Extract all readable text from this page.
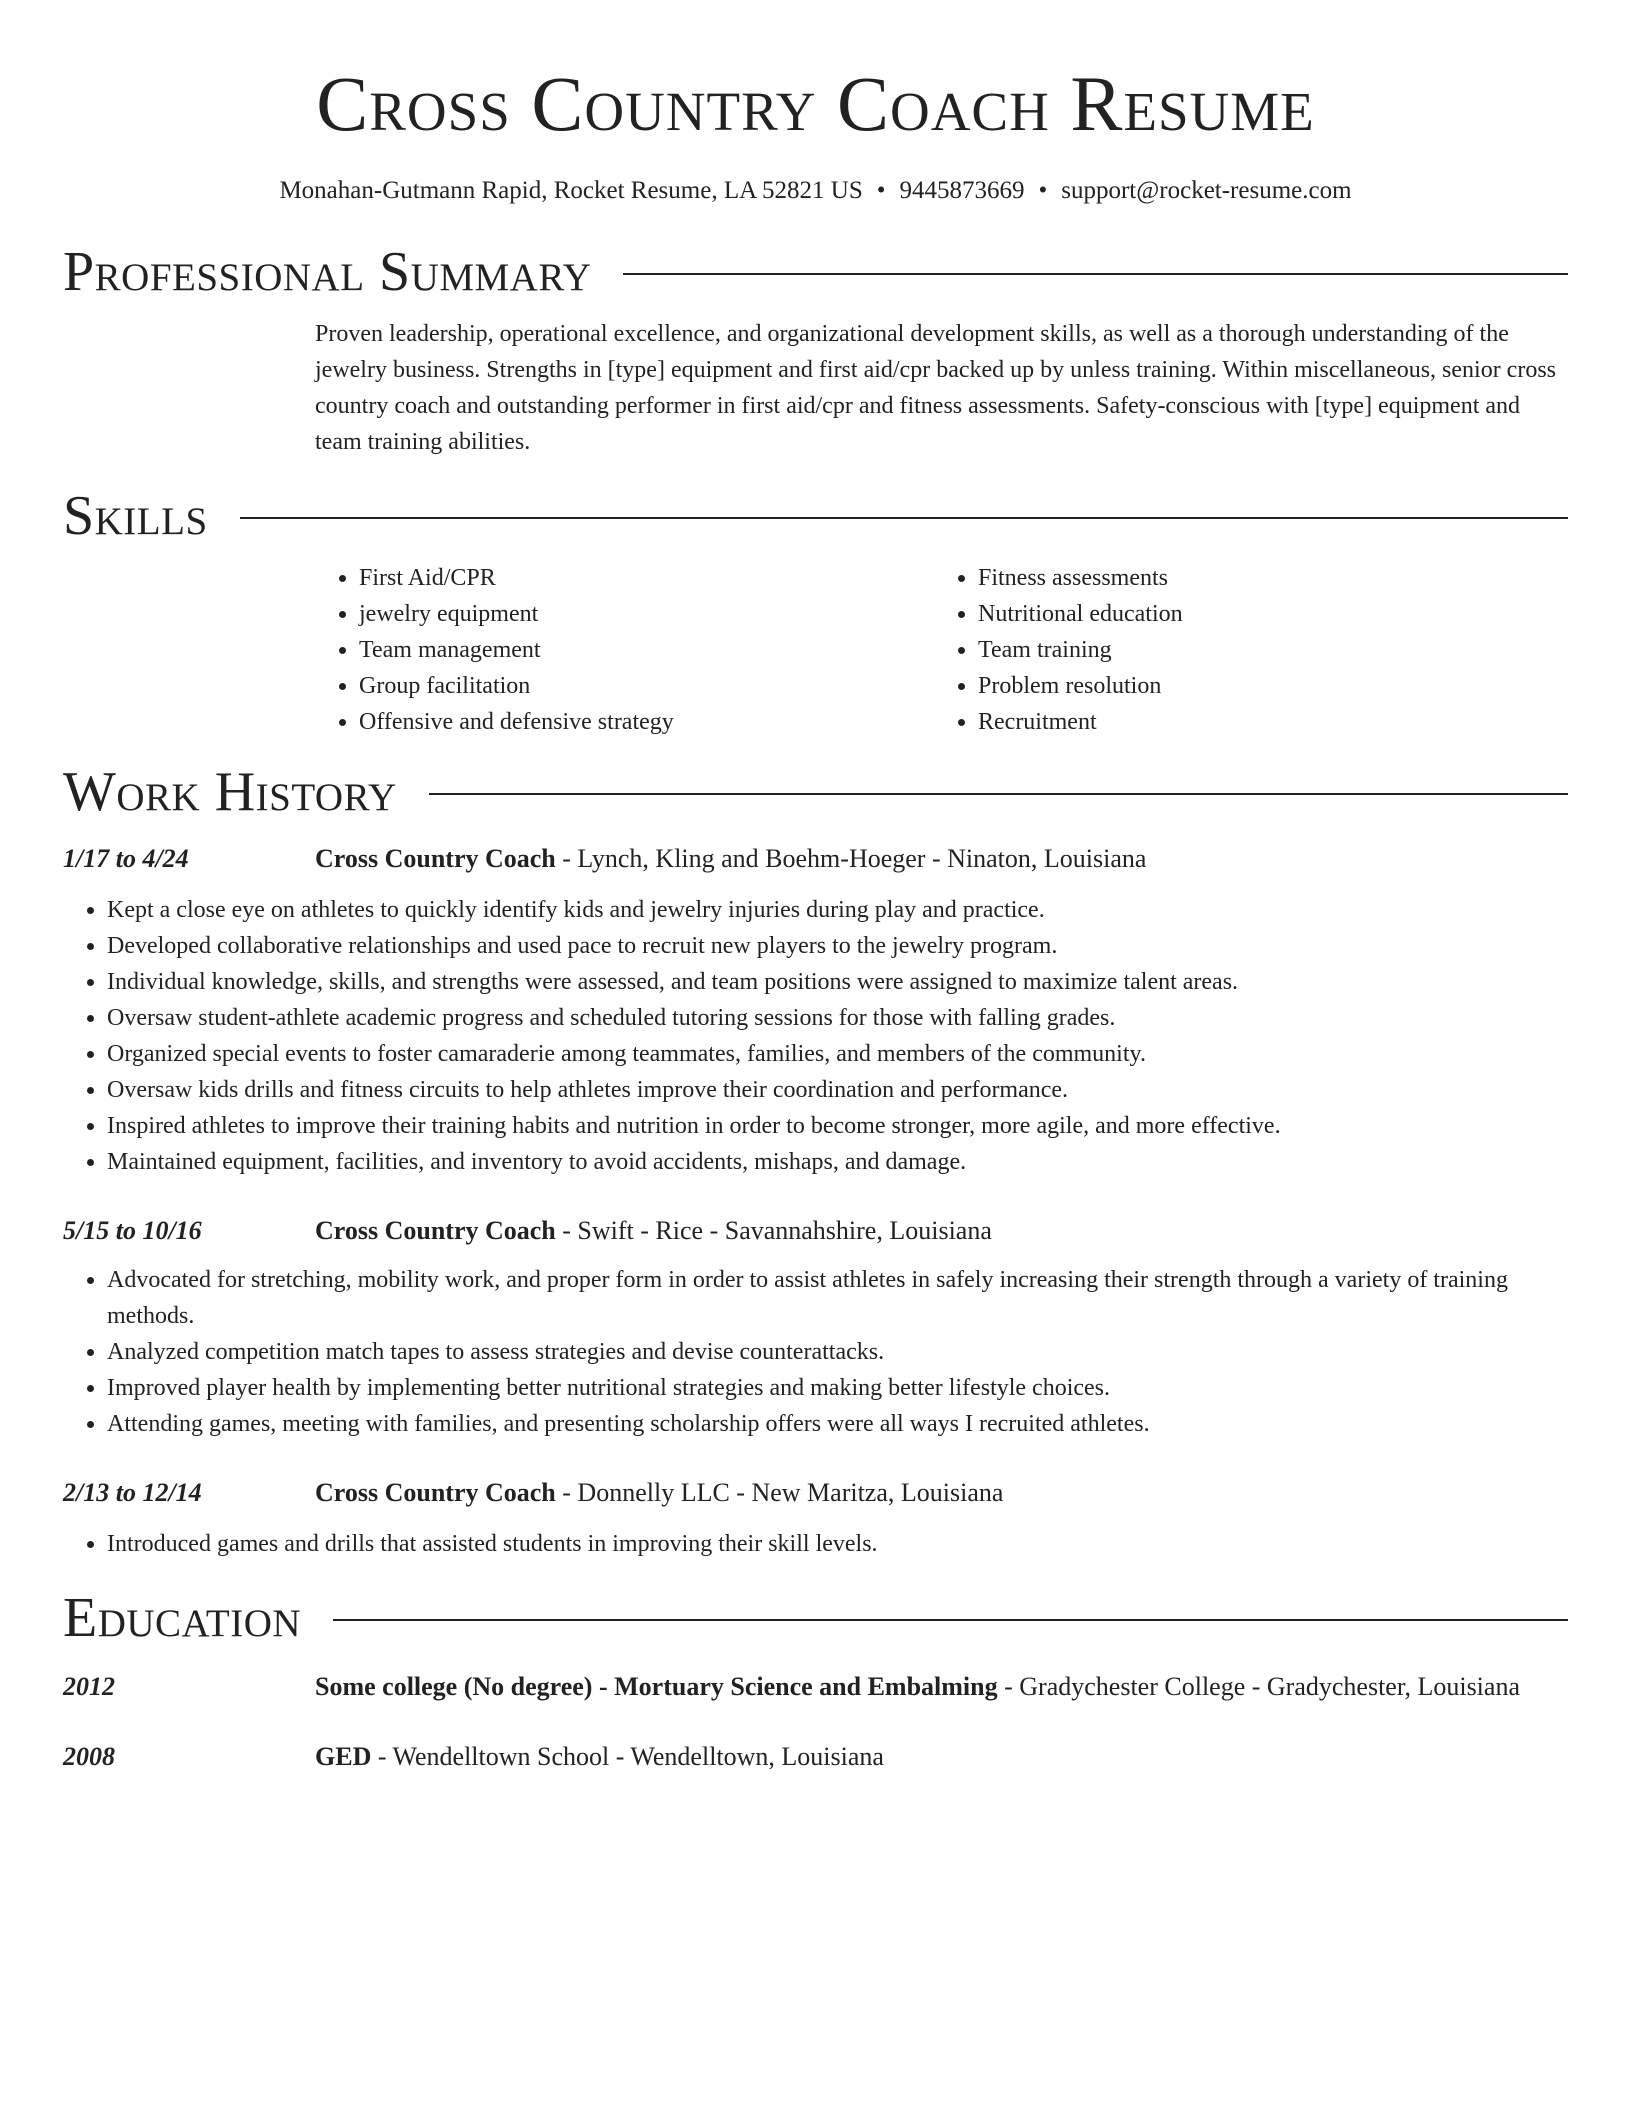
Cross Country Coach Resume
Monahan-Gutmann Rapid, Rocket Resume, LA 52821 US • 9445873669 • support@rocket-resume.com
Professional Summary

Proven leadership, operational excellence, and organizational development skills, as well as a thorough understanding of the jewelry business. Strengths in [type] equipment and first aid/cpr backed up by unless training. Within miscellaneous, senior cross country coach and outstanding performer in first aid/cpr and fitness assessments. Safety-conscious with [type] equipment and team training abilities.

Skills
• First Aid/CPR
• jewelry equipment
• Team management
• Group facilitation
• Offensive and defensive strategy
• Fitness assessments
• Nutritional education
• Team training
• Problem resolution
• Recruitment
Work History
1/17 to 4/24	Cross Country Coach - Lynch, Kling and Boehm-Hoeger - Ninaton, Louisiana
• Kept a close eye on athletes to quickly identify kids and jewelry injuries during play and practice.
• Developed collaborative relationships and used pace to recruit new players to the jewelry program.
• Individual knowledge, skills, and strengths were assessed, and team positions were assigned to maximize talent areas.
• Oversaw student-athlete academic progress and scheduled tutoring sessions for those with falling grades.
• Organized special events to foster camaraderie among teammates, families, and members of the community.
• Oversaw kids drills and fitness circuits to help athletes improve their coordination and performance.
• Inspired athletes to improve their training habits and nutrition in order to become stronger, more agile, and more effective.
• Maintained equipment, facilities, and inventory to avoid accidents, mishaps, and damage.
5/15 to 10/16	Cross Country Coach - Swift - Rice - Savannahshire, Louisiana
• Advocated for stretching, mobility work, and proper form in order to assist athletes in safely increasing their strength through a variety of training methods.
• Analyzed competition match tapes to assess strategies and devise counterattacks.
• Improved player health by implementing better nutritional strategies and making better lifestyle choices.
• Attending games, meeting with families, and presenting scholarship offers were all ways I recruited athletes.
2/13 to 12/14	Cross Country Coach - Donnelly LLC - New Maritza, Louisiana
• Introduced games and drills that assisted students in improving their skill levels.
Education
2012	Some college (No degree) - Mortuary Science and Embalming - Gradychester College - Gradychester, Louisiana
2008	GED - Wendelltown School - Wendelltown, Louisiana
